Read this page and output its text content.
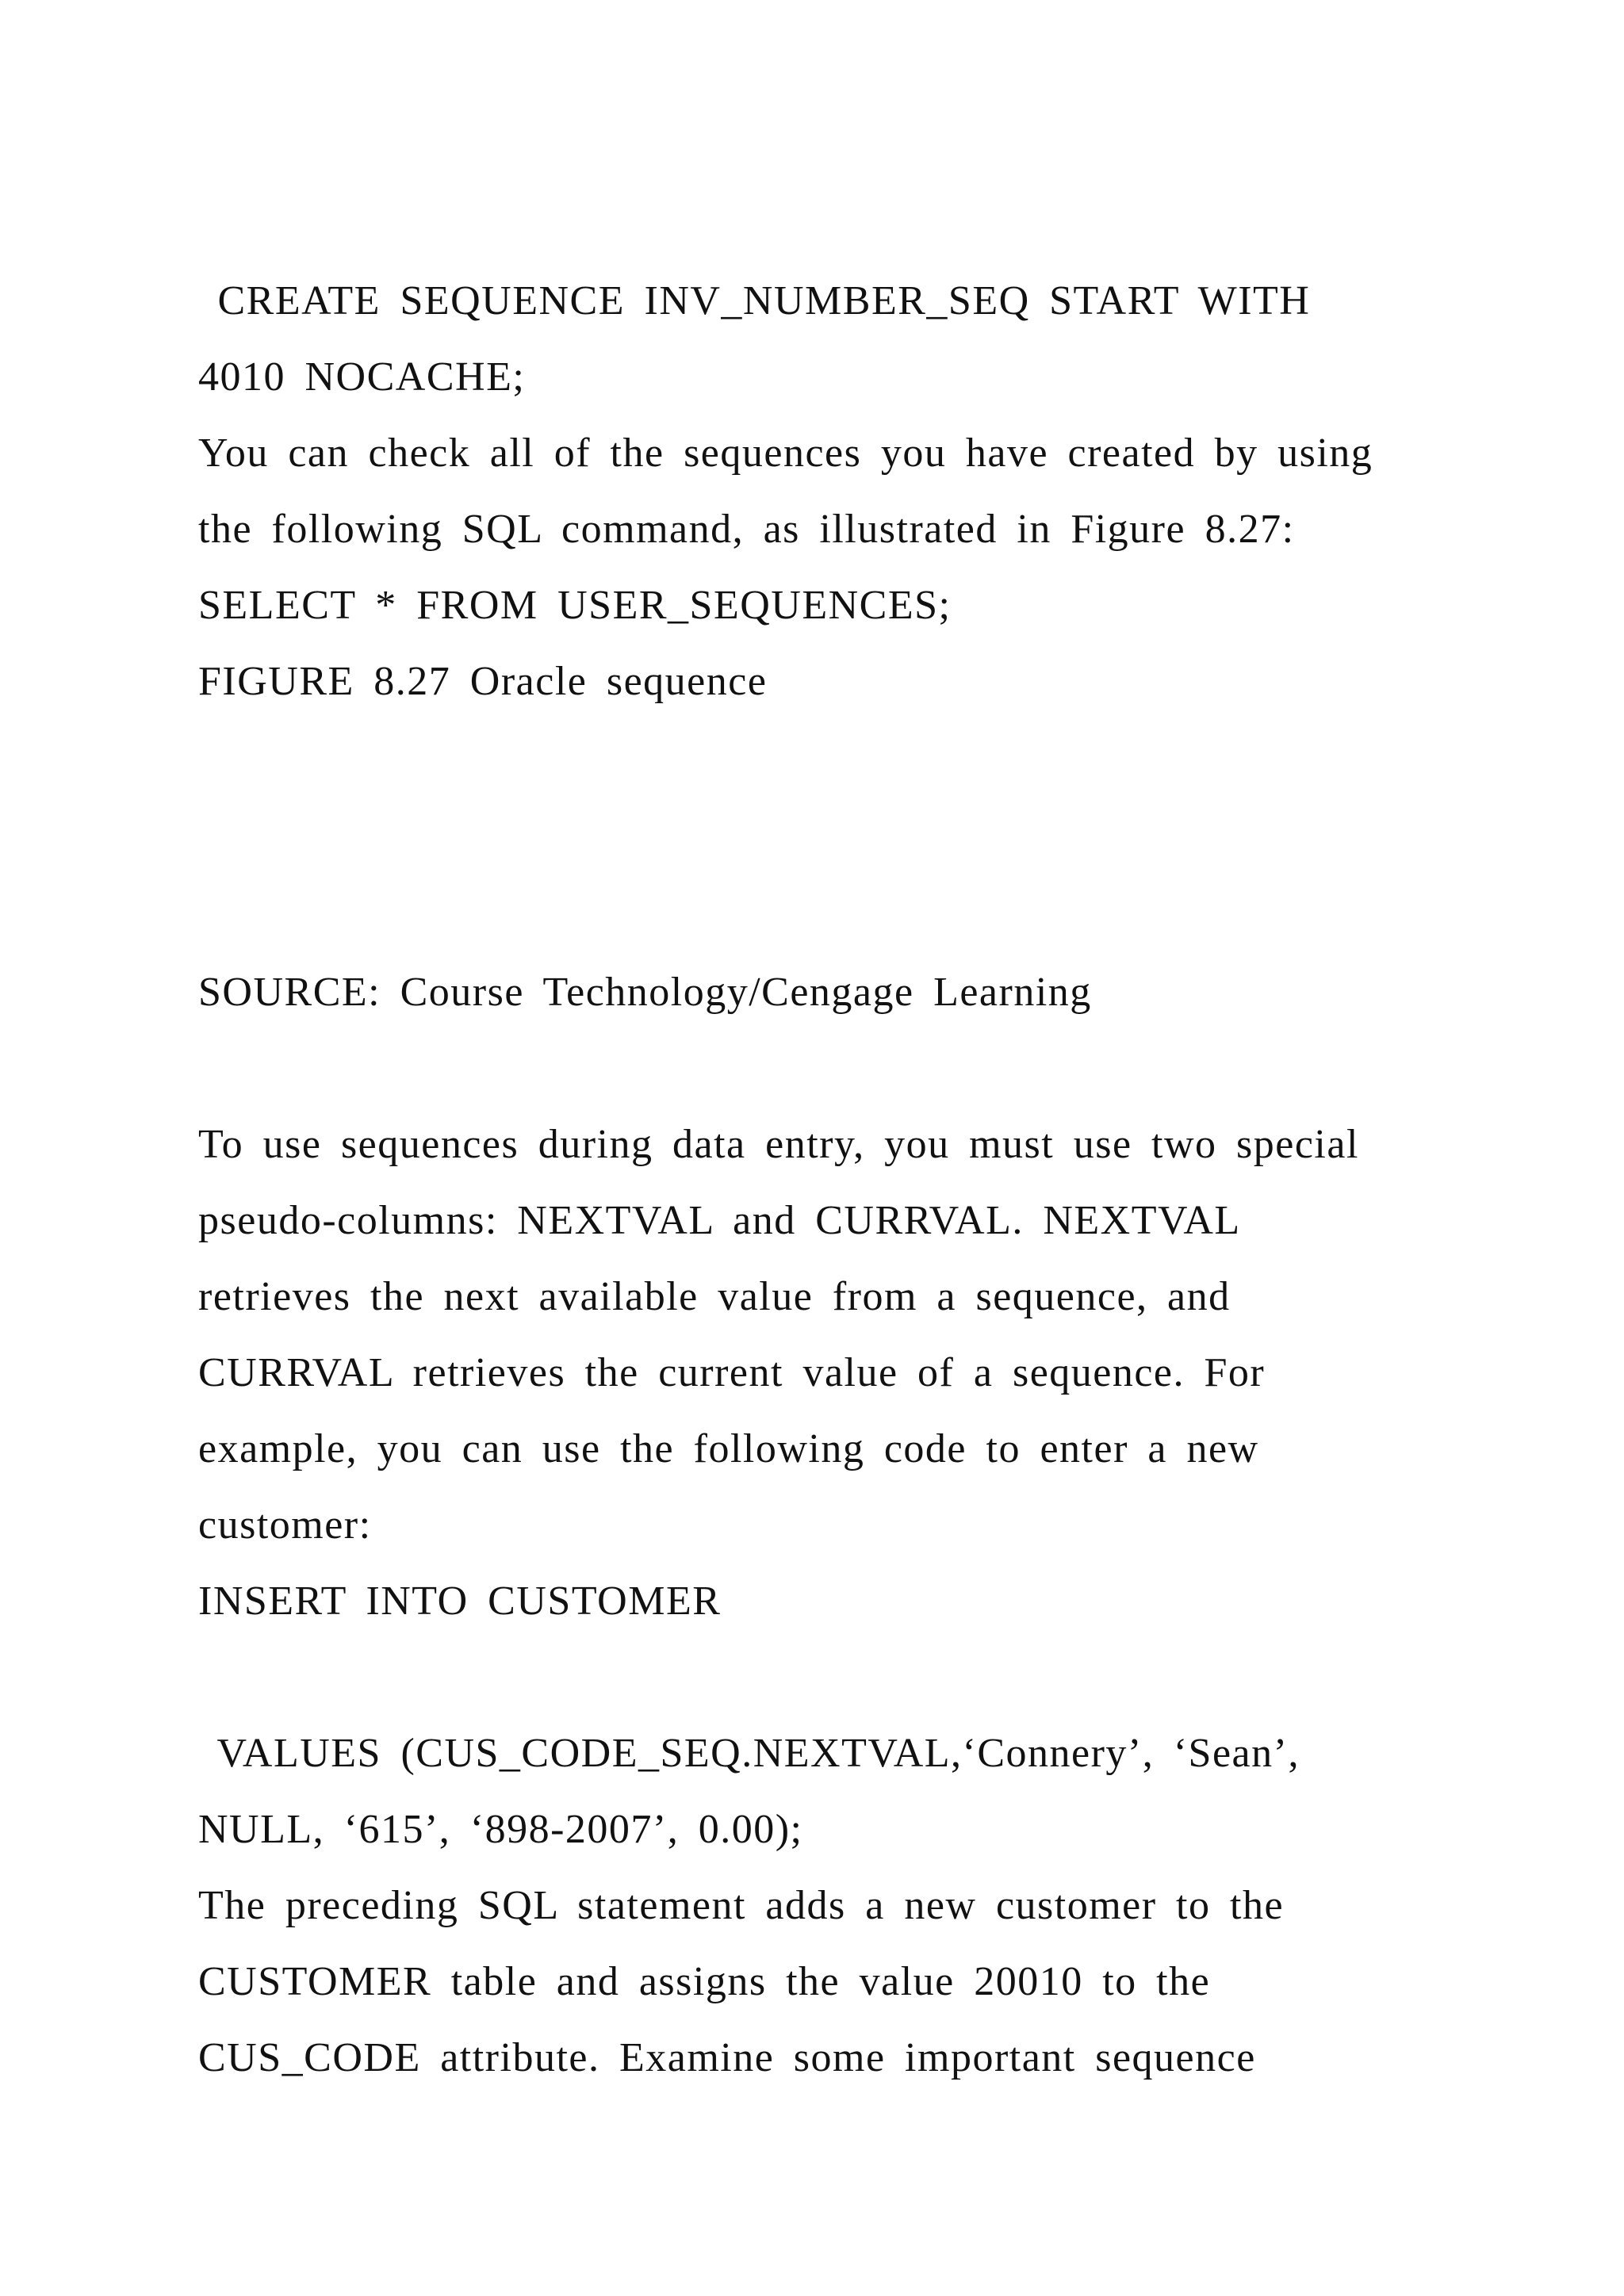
CREATE SEQUENCE INV_NUMBER_SEQ START WITH
4010 NOCACHE;
You can check all of the sequences you have created by using
the following SQL command, as illustrated in Figure 8.27:
SELECT * FROM USER_SEQUENCES;
FIGURE 8.27 Oracle sequence
SOURCE: Course Technology/Cengage Learning
To use sequences during data entry, you must use two special
pseudo-columns: NEXTVAL and CURRVAL. NEXTVAL
retrieves the next available value from a sequence, and
CURRVAL retrieves the current value of a sequence. For
example, you can use the following code to enter a new
customer:
INSERT INTO CUSTOMER
VALUES (CUS_CODE_SEQ.NEXTVAL,‘Connery’, ‘Sean’,
NULL, ‘615’, ‘898-2007’, 0.00);
The preceding SQL statement adds a new customer to the
CUSTOMER table and assigns the value 20010 to the
CUS_CODE attribute. Examine some important sequence
